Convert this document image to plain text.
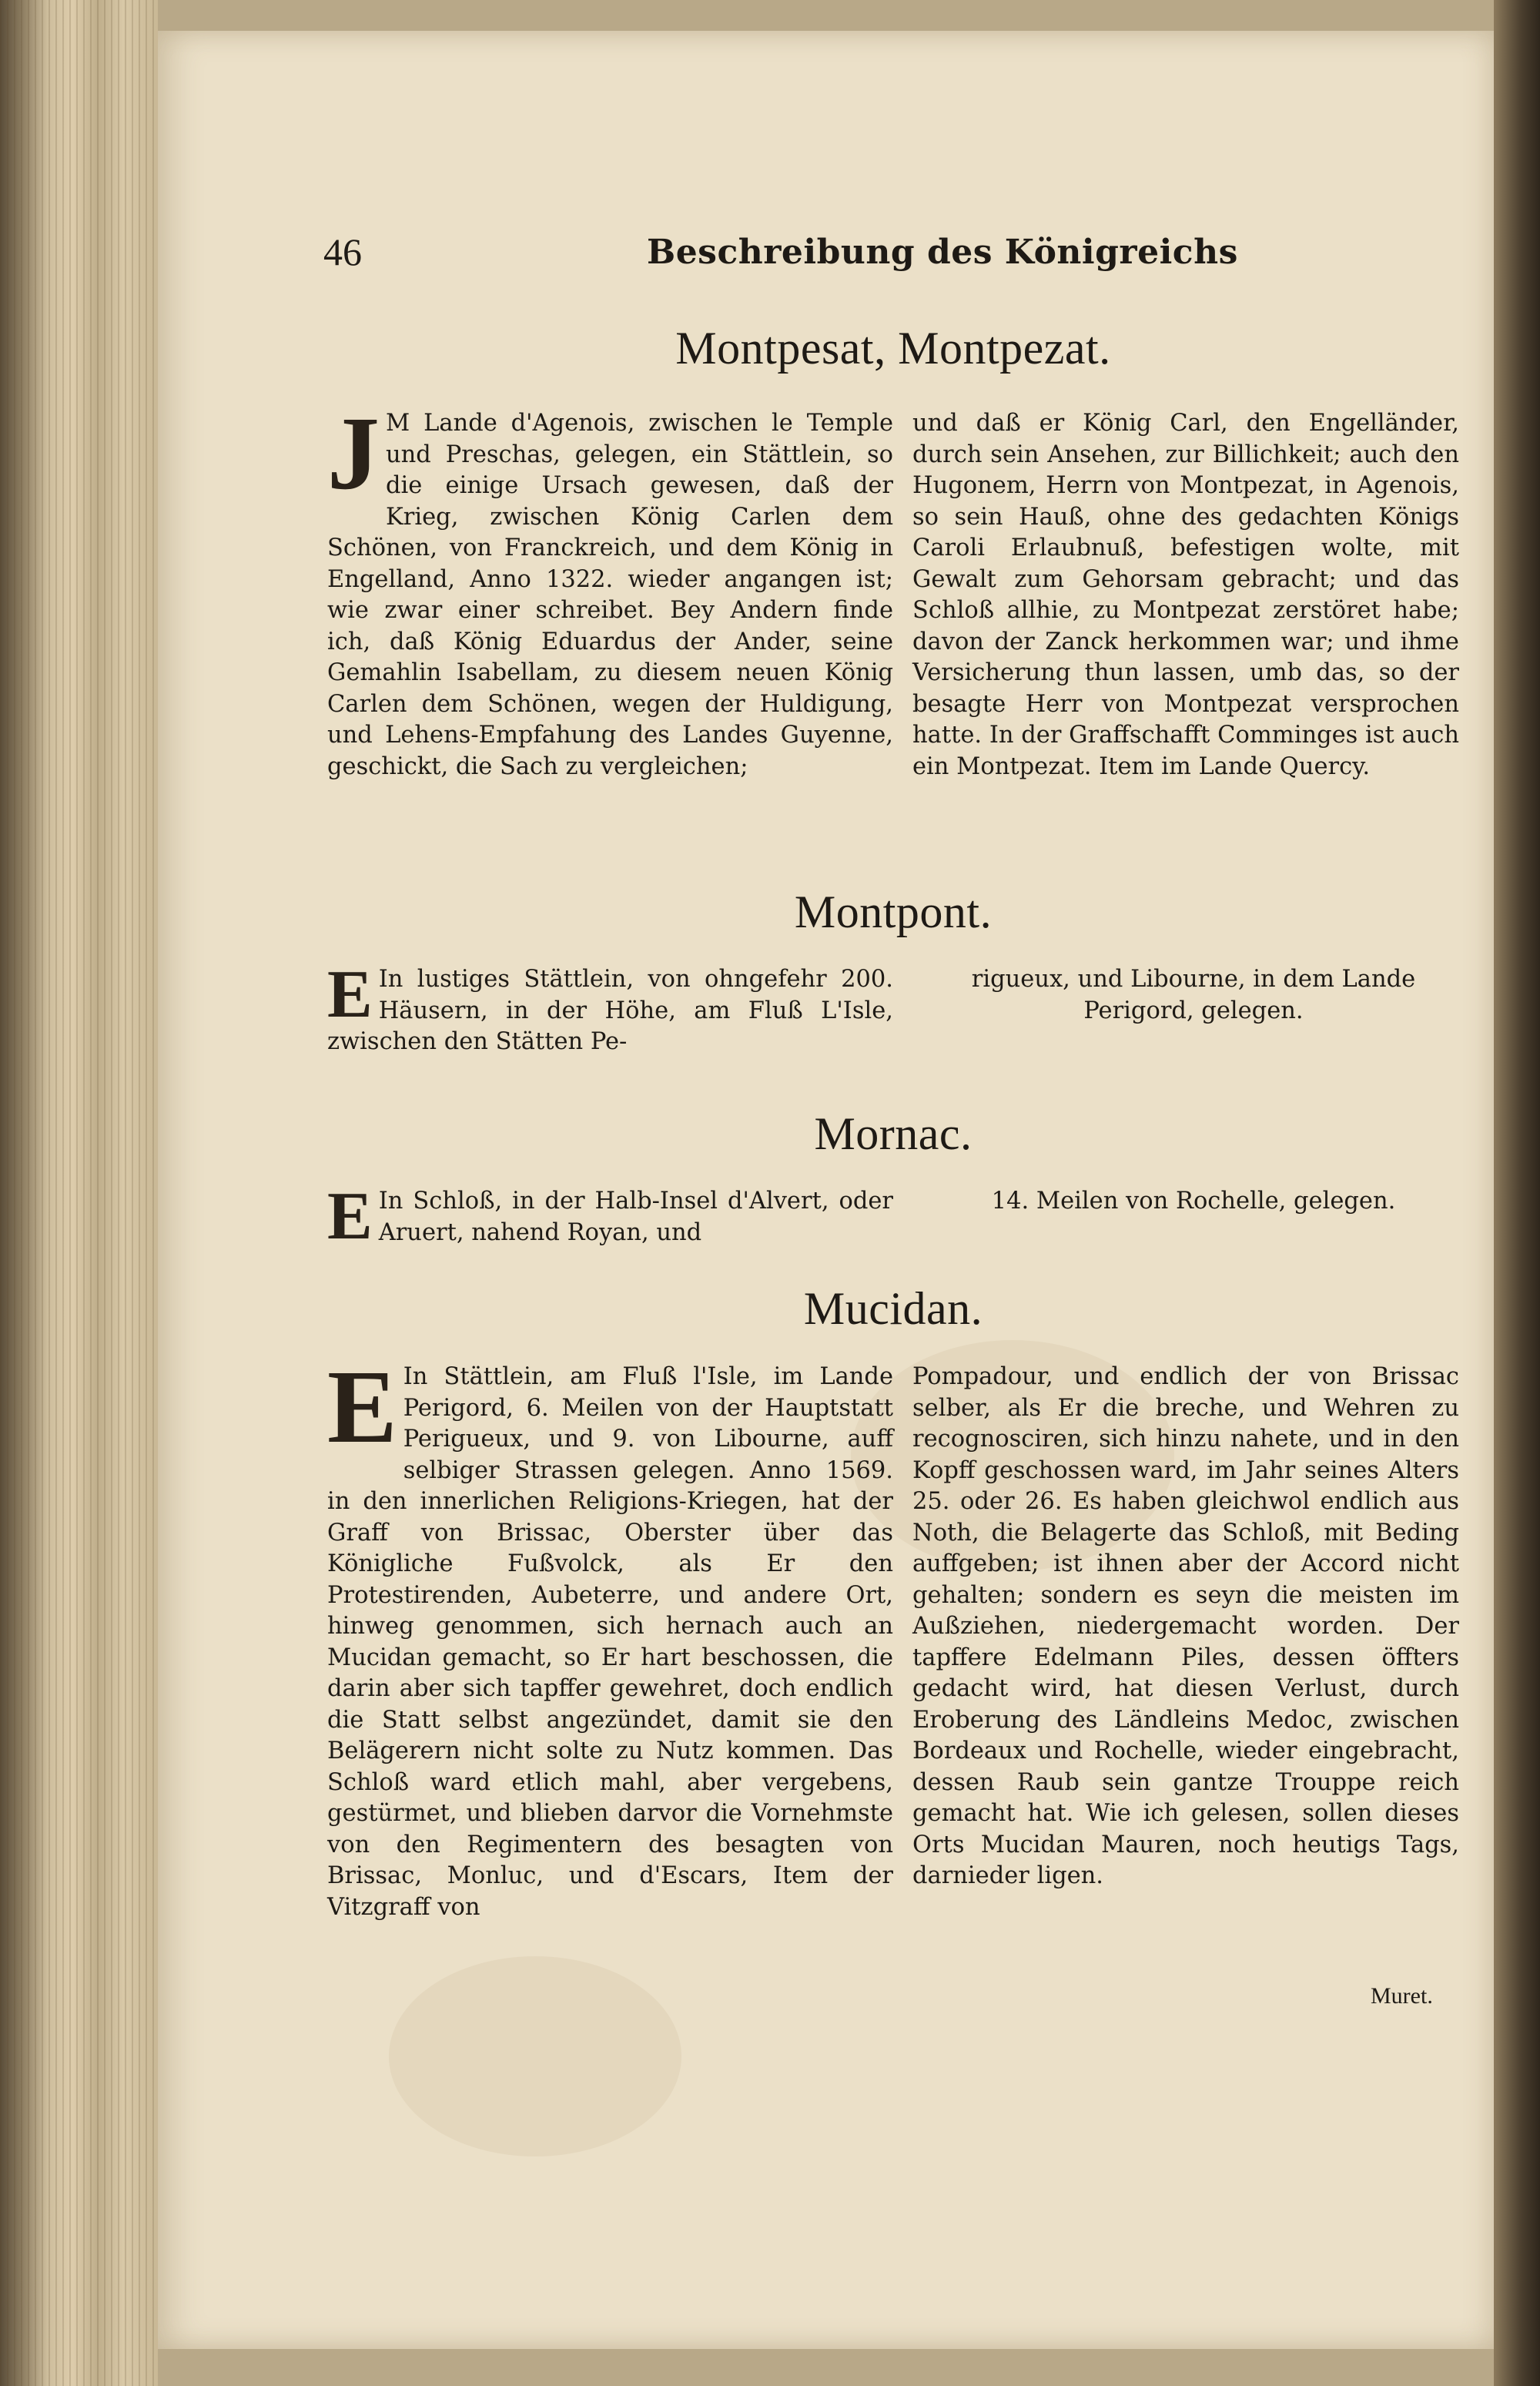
46	Beschreibung des Königreichs
Montpesat, Montpezat.
J M Lande d'Agenois, zwischen le Temple und Preschas, gelegen, ein Stättlein, so die einige Ursach gewesen, daß der Krieg, zwischen König Carlen dem Schönen, von Franckreich, und dem König in Engelland, Anno 1322. wieder angangen ist; wie zwar einer schreibet. Bey Andern finde ich, daß König Eduardus der Ander, seine Gemahlin Isabellam, zu diesem neuen König Carlen dem Schönen, wegen der Huldigung, und Lehens-Empfahung des Landes Guyenne, geschickt, die Sach zu vergleichen;
und daß er König Carl, den Engelländer, durch sein Ansehen, zur Billichkeit; auch den Hugonem, Herrn von Montpezat, in Agenois, so sein Hauß, ohne des gedachten Königs Caroli Erlaubnuß, befestigen wolte, mit Gewalt zum Gehorsam gebracht; und das Schloß allhie, zu Montpezat zerstöret habe; davon der Zanck herkommen war; und ihme Versicherung thun lassen, umb das, so der besagte Herr von Montpezat versprochen hatte. In der Graffschafft Comminges ist auch ein Montpezat. Item im Lande Quercy.
Montpont.
E In lustiges Stättlein, von ohngefehr 200. Häusern, in der Höhe, am Fluß L'Isle, zwischen den Stätten Pe-
rigueux, und Libourne, in dem Lande Perigord, gelegen.
Mornac.
E In Schloß, in der Halb-Insel d'Alvert, oder Aruert, nahend Royan, und
14. Meilen von Rochelle, gelegen.
Mucidan.
E In Stättlein, am Fluß l'Isle, im Lande Perigord, 6. Meilen von der Hauptstatt Perigueux, und 9. von Libourne, auff selbiger Strassen gelegen. Anno 1569. in den innerlichen Religions-Kriegen, hat der Graff von Brissac, Oberster über das Königliche Fußvolck, als Er den Protestirenden, Aubeterre, und andere Ort, hinweg genommen, sich hernach auch an Mucidan gemacht, so Er hart beschossen, die darin aber sich tapffer gewehret, doch endlich die Statt selbst angezündet, damit sie den Belägerern nicht solte zu Nutz kommen. Das Schloß ward etlich mahl, aber vergebens, gestürmet, und blieben darvor die Vornehmste von den Regimentern des besagten von Brissac, Monluc, und d'Escars, Item der Vitzgraff von
Pompadour, und endlich der von Brissac selber, als Er die breche, und Wehren zu recognosciren, sich hinzu nahete, und in den Kopff geschossen ward, im Jahr seines Alters 25. oder 26. Es haben gleichwol endlich aus Noth, die Belagerte das Schloß, mit Beding auffgeben; ist ihnen aber der Accord nicht gehalten; sondern es seyn die meisten im Außziehen, niedergemacht worden. Der tapffere Edelmann Piles, dessen öffters gedacht wird, hat diesen Verlust, durch Eroberung des Ländleins Medoc, zwischen Bordeaux und Rochelle, wieder eingebracht, dessen Raub sein gantze Trouppe reich gemacht hat. Wie ich gelesen, sollen dieses Orts Mucidan Mauren, noch heutigs Tags, darnieder ligen.
Muret.
